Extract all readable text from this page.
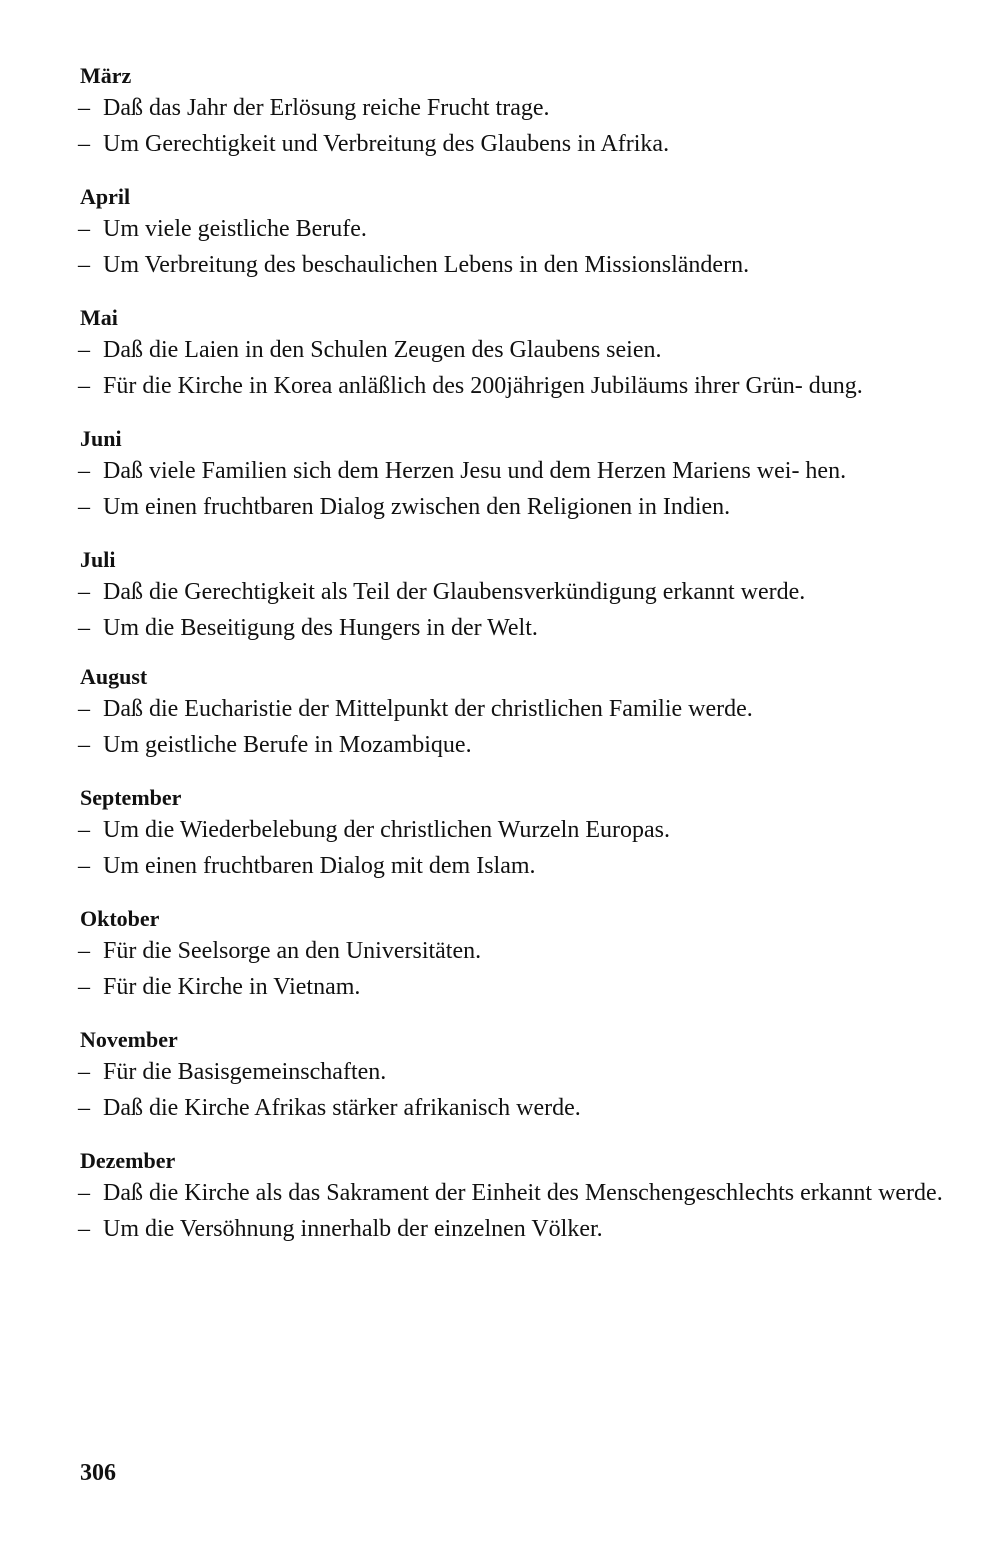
März
– Daß das Jahr der Erlösung reiche Frucht trage.
– Um Gerechtigkeit und Verbreitung des Glaubens in Afrika.
April
– Um viele geistliche Berufe.
– Um Verbreitung des beschaulichen Lebens in den Missionsländern.
Mai
– Daß die Laien in den Schulen Zeugen des Glaubens seien.
– Für die Kirche in Korea anläßlich des 200jährigen Jubiläums ihrer Grün- dung.
Juni
– Daß viele Familien sich dem Herzen Jesu und dem Herzen Mariens wei- hen.
– Um einen fruchtbaren Dialog zwischen den Religionen in Indien.
Juli
– Daß die Gerechtigkeit als Teil der Glaubensverkündigung erkannt werde.
– Um die Beseitigung des Hungers in der Welt.
August
– Daß die Eucharistie der Mittelpunkt der christlichen Familie werde.
– Um geistliche Berufe in Mozambique.
September
– Um die Wiederbelebung der christlichen Wurzeln Europas.
– Um einen fruchtbaren Dialog mit dem Islam.
Oktober
– Für die Seelsorge an den Universitäten.
– Für die Kirche in Vietnam.
November
– Für die Basisgemeinschaften.
– Daß die Kirche Afrikas stärker afrikanisch werde.
Dezember
– Daß die Kirche als das Sakrament der Einheit des Menschengeschlechts erkannt werde.
– Um die Versöhnung innerhalb der einzelnen Völker.
306
